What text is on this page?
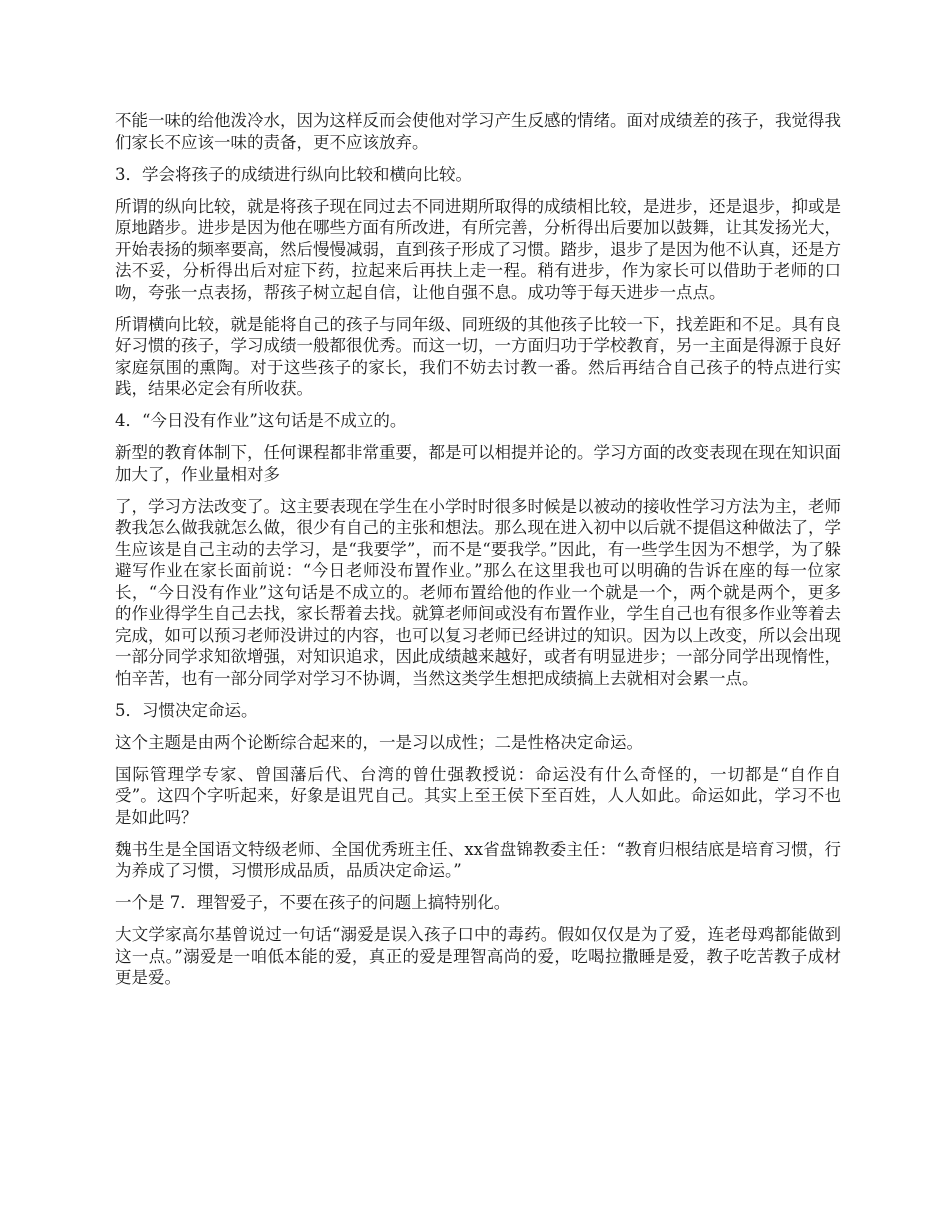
不能一味的给他泼冷水，因为这样反而会使他对学习产生反感的情绪。面对成绩差的孩子，我觉得我们家长不应该一味的责备，更不应该放弃。

3．学会将孩子的成绩进行纵向比较和横向比较。

所谓的纵向比较，就是将孩子现在同过去不同进期所取得的成绩相比较，是进步，还是退步，抑或是原地踏步。进步是因为他在哪些方面有所改进，有所完善，分析得出后要加以鼓舞，让其发扬光大，开始表扬的频率要高，然后慢慢减弱，直到孩子形成了习惯。踏步，退步了是因为他不认真，还是方法不妥，分析得出后对症下药，拉起来后再扶上走一程。稍有进步，作为家长可以借助于老师的口吻，夸张一点表扬，帮孩子树立起自信，让他自强不息。成功等于每天进步一点点。

所谓横向比较，就是能将自己的孩子与同年级、同班级的其他孩子比较一下，找差距和不足。具有良好习惯的孩子，学习成绩一般都很优秀。而这一切，一方面归功于学校教育，另一主面是得源于良好家庭氛围的熏陶。对于这些孩子的家长，我们不妨去讨教一番。然后再结合自己孩子的特点进行实践，结果必定会有所收获。

4．“今日没有作业”这句话是不成立的。

新型的教育体制下，任何课程都非常重要，都是可以相提并论的。学习方面的改变表现在现在知识面加大了，作业量相对多

了，学习方法改变了。这主要表现在学生在小学时时很多时候是以被动的接收性学习方法为主，老师教我怎么做我就怎么做，很少有自己的主张和想法。那么现在进入初中以后就不提倡这种做法了，学生应该是自己主动的去学习，是“我要学”，而不是“要我学。”因此，有一些学生因为不想学，为了躲避写作业在家长面前说：“今日老师没布置作业。”那么在这里我也可以明确的告诉在座的每一位家长，“今日没有作业”这句话是不成立的。老师布置给他的作业一个就是一个，两个就是两个，更多的作业得学生自己去找，家长帮着去找。就算老师间或没有布置作业，学生自己也有很多作业等着去完成，如可以预习老师没讲过的内容，也可以复习老师已经讲过的知识。因为以上改变，所以会出现一部分同学求知欲增强，对知识追求，因此成绩越来越好，或者有明显进步；一部分同学出现惰性，怕辛苦，也有一部分同学对学习不协调，当然这类学生想把成绩搞上去就相对会累一点。

5．习惯决定命运。

这个主题是由两个论断综合起来的，一是习以成性；二是性格决定命运。

国际管理学专家、曾国藩后代、台湾的曾仕强教授说：命运没有什么奇怪的，一切都是“自作自受”。这四个字听起来，好象是诅咒自己。其实上至王侯下至百姓，人人如此。命运如此，学习不也是如此吗？

魏书生是全国语文特级老师、全国优秀班主任、xx省盘锦教委主任：“教育归根结底是培育习惯，行为养成了习惯，习惯形成品质，品质决定命运。”

一个是 7．理智爱子，不要在孩子的问题上搞特别化。

大文学家高尔基曾说过一句话“溺爱是误入孩子口中的毒药。假如仅仅是为了爱，连老母鸡都能做到这一点。”溺爱是一咱低本能的爱，真正的爱是理智高尚的爱，吃喝拉撒睡是爱，教子吃苦教子成材更是爱。
